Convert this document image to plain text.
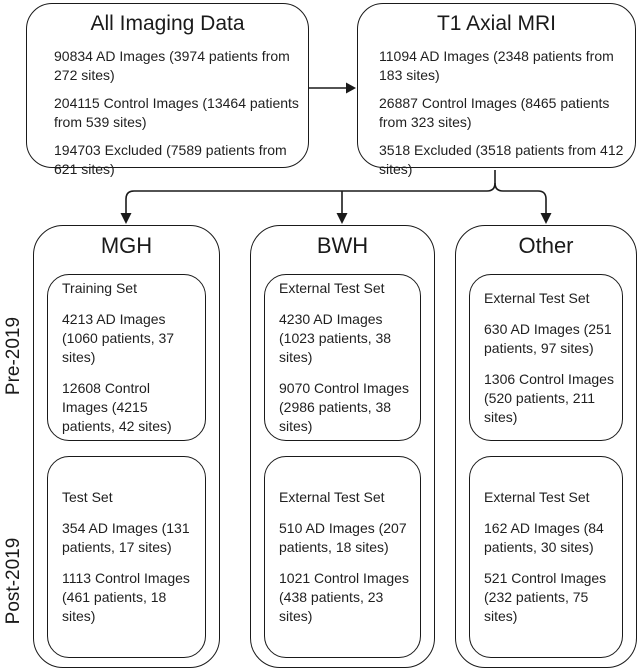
All Imaging Data

90834 AD Images (3974 patients from 272 sites)

204115 Control Images (13464 patients from 539 sites)

194703 Excluded (7589 patients from 621 sites)

T1 Axial MRI

11094 AD Images (2348 patients from 183 sites)

26887 Control Images (8465 patients from 323 sites)

3518 Excluded (3518 patients from 412 sites)

Pre-2019
Post-2019
MGH

Training Set

4213 AD Images (1060 patients, 37 sites)

12608 Control Images (4215 patients, 42 sites)

Test Set

354 AD Images (131 patients, 17 sites)

1113 Control Images (461 patients, 18 sites)

BWH

External Test Set

4230 AD Images (1023 patients, 38 sites)

9070 Control Images (2986 patients, 38 sites)

External Test Set

510 AD Images (207 patients, 18 sites)

1021 Control Images (438 patients, 23 sites)

Other

External Test Set

630 AD Images (251 patients, 97 sites)

1306 Control Images (520 patients, 211 sites)

External Test Set

162 AD Images (84 patients, 30 sites)

521 Control Images (232 patients, 75 sites)
